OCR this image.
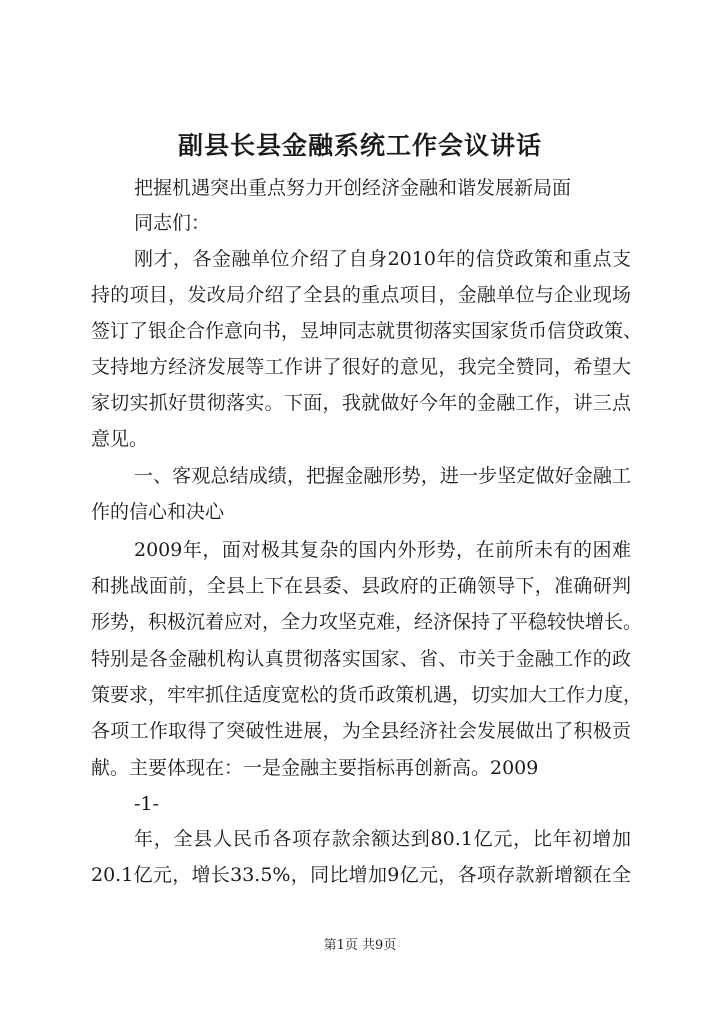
副县长县金融系统工作会议讲话

把握机遇突出重点努力开创经济金融和谐发展新局面

同志们：

刚才，各金融单位介绍了自身2010年的信贷政策和重点支

持的项目，发改局介绍了全县的重点项目，金融单位与企业现场

签订了银企合作意向书，昱坤同志就贯彻落实国家货币信贷政策、

支持地方经济发展等工作讲了很好的意见，我完全赞同，希望大

家切实抓好贯彻落实。下面，我就做好今年的金融工作，讲三点

意见。

一、客观总结成绩，把握金融形势，进一步坚定做好金融工

作的信心和决心

2009年，面对极其复杂的国内外形势，在前所未有的困难

和挑战面前，全县上下在县委、县政府的正确领导下，准确研判

形势，积极沉着应对，全力攻坚克难，经济保持了平稳较快增长。

特别是各金融机构认真贯彻落实国家、省、市关于金融工作的政

策要求，牢牢抓住适度宽松的货币政策机遇，切实加大工作力度，

各项工作取得了突破性进展，为全县经济社会发展做出了积极贡

献。主要体现在：一是金融主要指标再创新高。2009

-1-

年，全县人民币各项存款余额达到80.1亿元，比年初增加

20.1亿元，增长33.5%，同比增加9亿元，各项存款新增额在全

第1页 共9页
